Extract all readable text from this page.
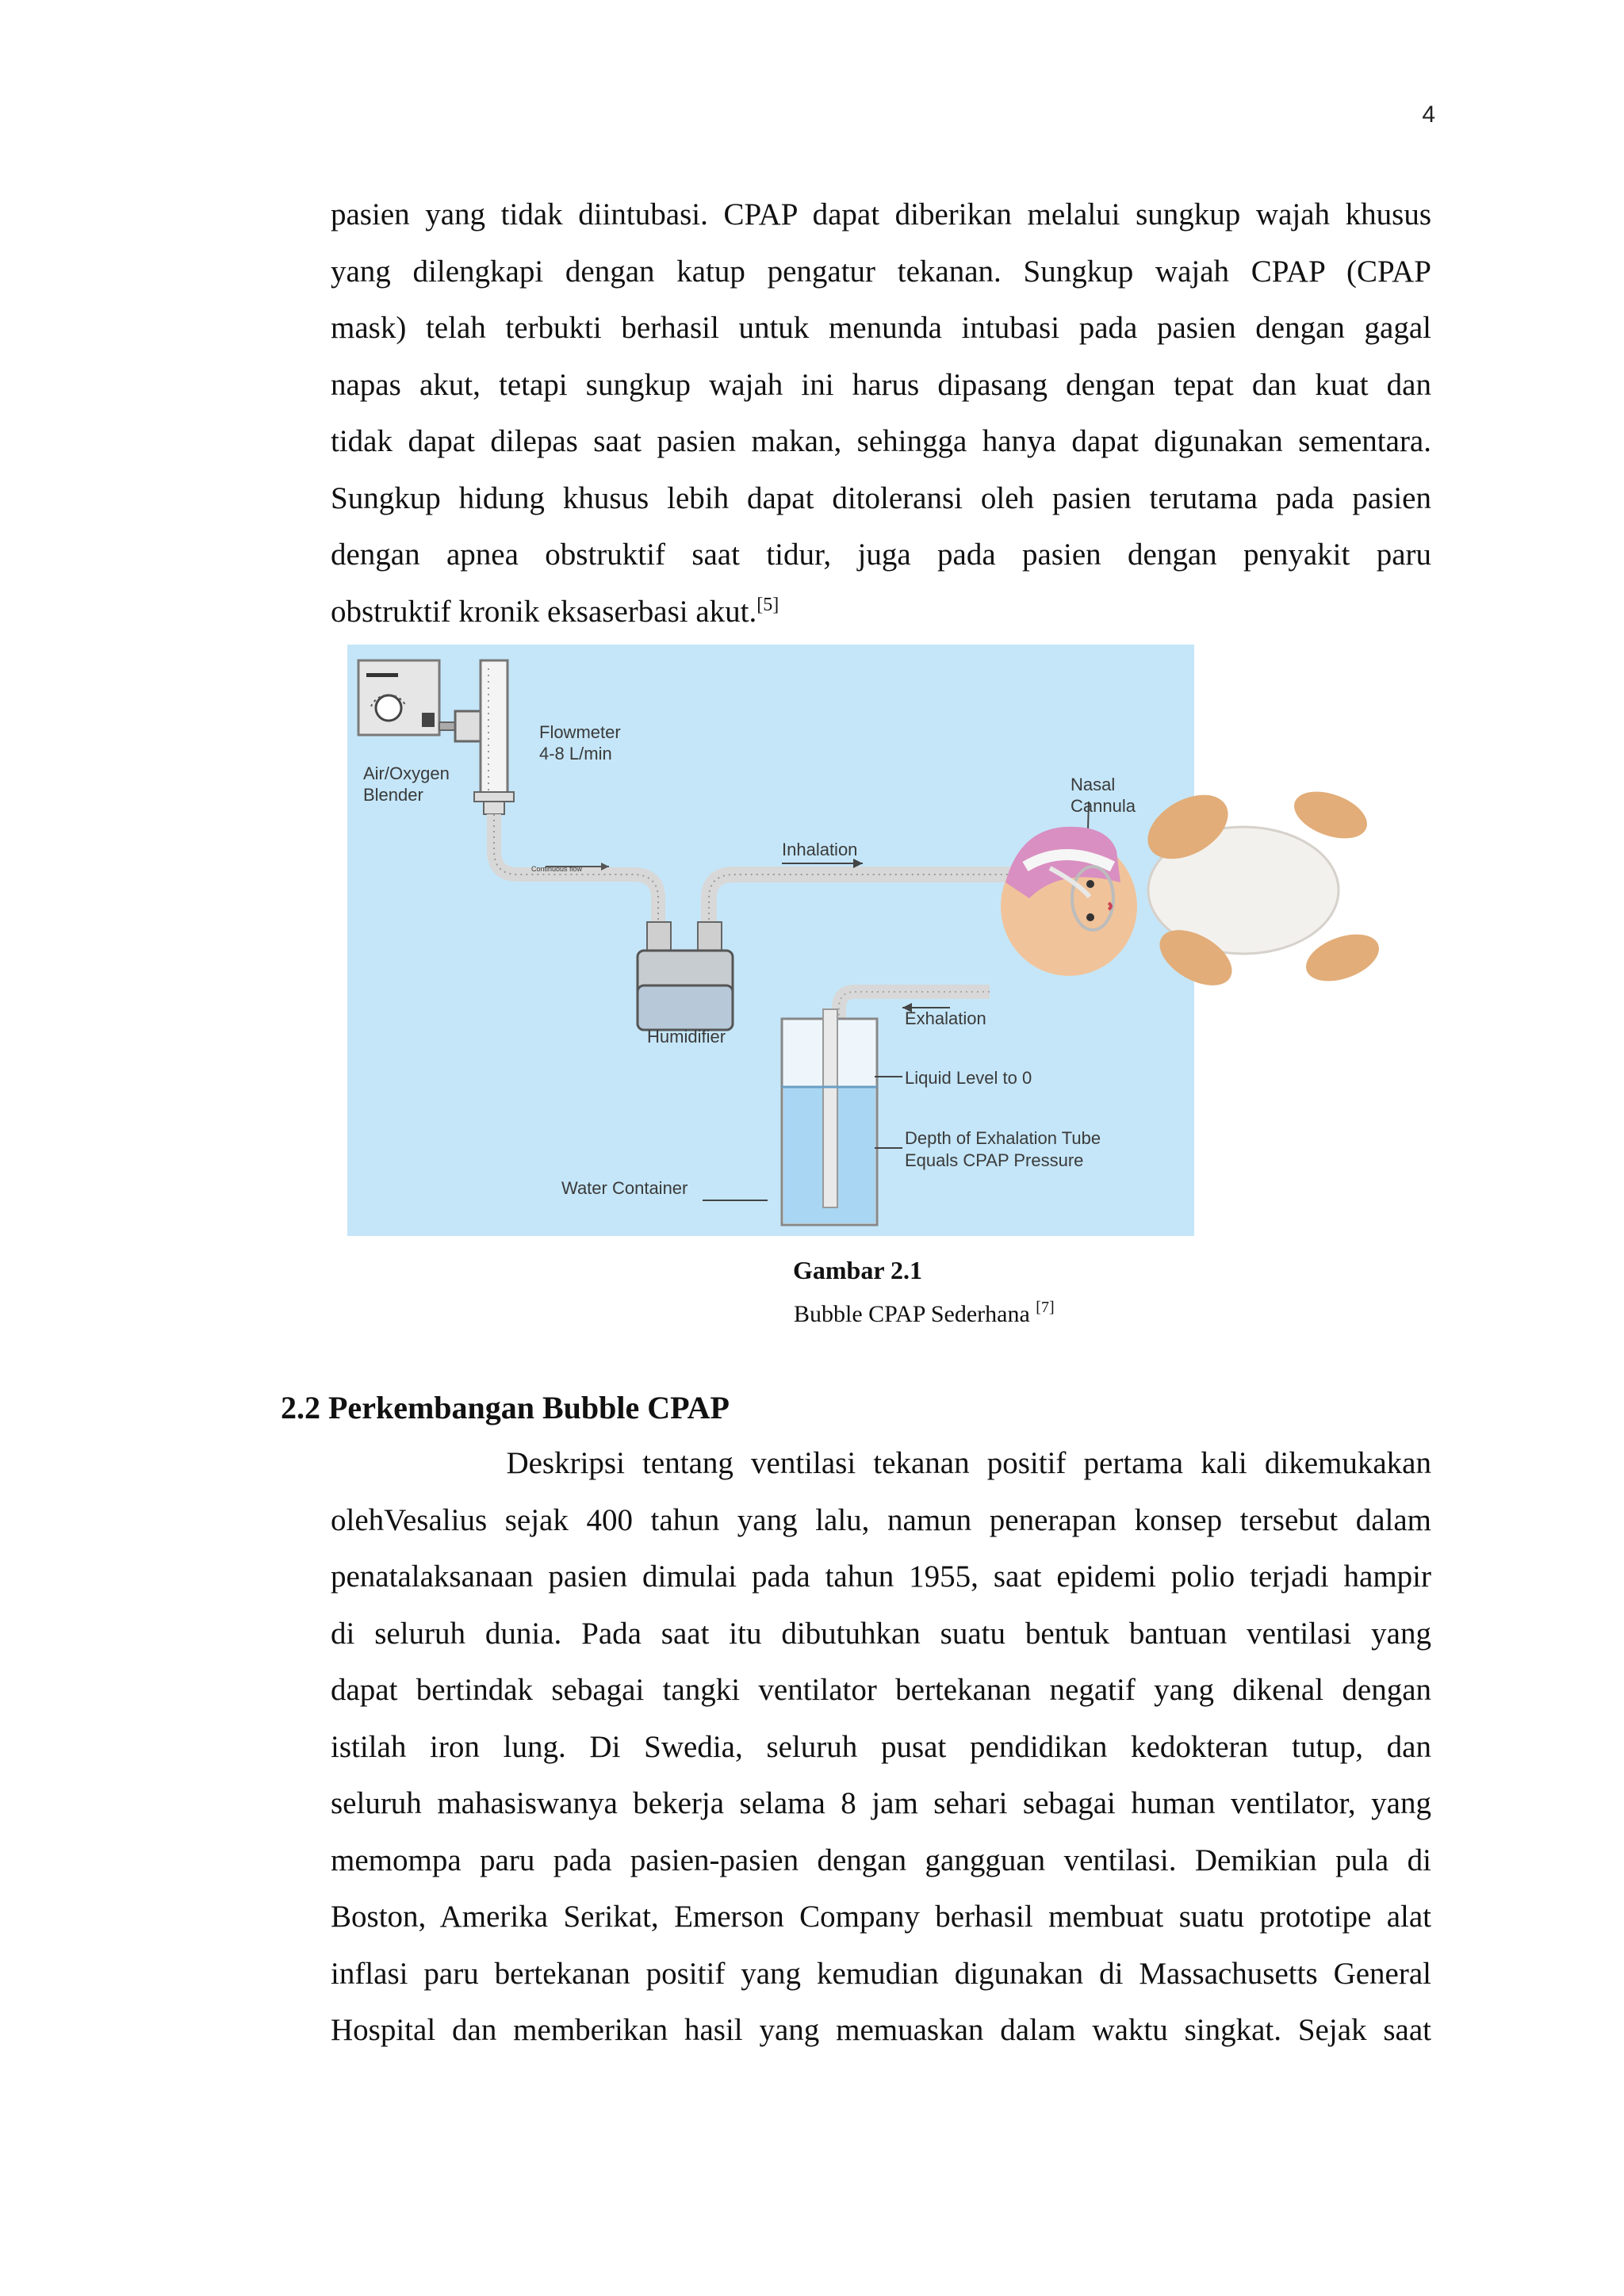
4
pasien yang tidak diintubasi. CPAP dapat diberikan melalui sungkup wajah khusus
yang dilengkapi dengan katup pengatur tekanan. Sungkup wajah CPAP (CPAP
mask) telah terbukti berhasil untuk menunda intubasi pada pasien dengan gagal
napas akut, tetapi sungkup wajah ini harus dipasang dengan tepat dan kuat dan
tidak dapat dilepas saat pasien makan, sehingga hanya dapat digunakan sementara.
Sungkup hidung khusus lebih dapat ditoleransi oleh pasien terutama pada pasien
dengan apnea obstruktif saat tidur, juga pada pasien dengan penyakit paru
obstruktif kronik eksaserbasi akut.[5]
Flowmeter
4-8 L/min
Air/Oxygen
Blender
Nasal
Cannula
Inhalation
Humidifier
Exhalation
Liquid Level to 0
Depth of Exhalation Tube
Equals CPAP Pressure
Water Container
Continuous flow
Gambar 2.1
Bubble CPAP Sederhana [7]
2.2 Perkembangan Bubble CPAP
Deskripsi tentang ventilasi tekanan positif pertama kali dikemukakan
olehVesalius sejak 400 tahun yang lalu, namun penerapan konsep tersebut dalam
penatalaksanaan pasien dimulai pada tahun 1955, saat epidemi polio terjadi hampir
di seluruh dunia. Pada saat itu dibutuhkan suatu bentuk bantuan ventilasi yang
dapat bertindak sebagai tangki ventilator bertekanan negatif yang dikenal dengan
istilah iron lung. Di Swedia, seluruh pusat pendidikan kedokteran tutup, dan
seluruh mahasiswanya bekerja selama 8 jam sehari sebagai human ventilator, yang
memompa paru pada pasien-pasien dengan gangguan ventilasi. Demikian pula di
Boston, Amerika Serikat, Emerson Company berhasil membuat suatu prototipe alat
inflasi paru bertekanan positif yang kemudian digunakan di Massachusetts General
Hospital dan memberikan hasil yang memuaskan dalam waktu singkat. Sejak saat
